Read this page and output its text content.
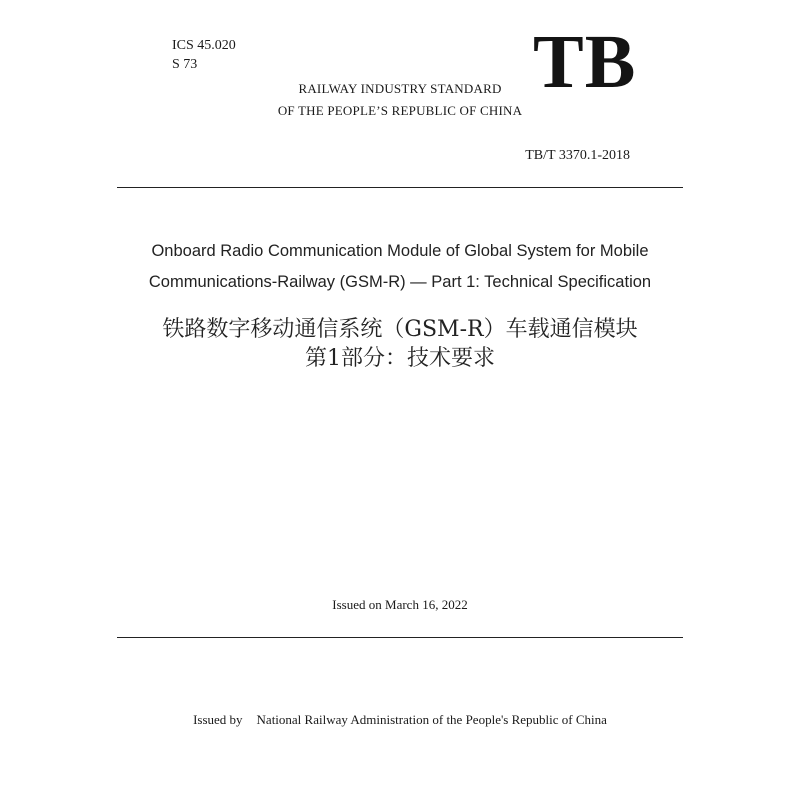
ICS 45.020
S 73	TB
RAILWAY INDUSTRY STANDARD
OF THE PEOPLE’S REPUBLIC OF CHINA
TB/T 3370.1-2018
Onboard Radio Communication Module of Global System for Mobile
Communications-Railway (GSM-R) — Part 1: Technical Specification
铁路数字移动通信系统（GSM-R）车载通信模块
第1部分：技术要求
Issued on March 16, 2022
Issued by National Railway Administration of the People's Republic of China
